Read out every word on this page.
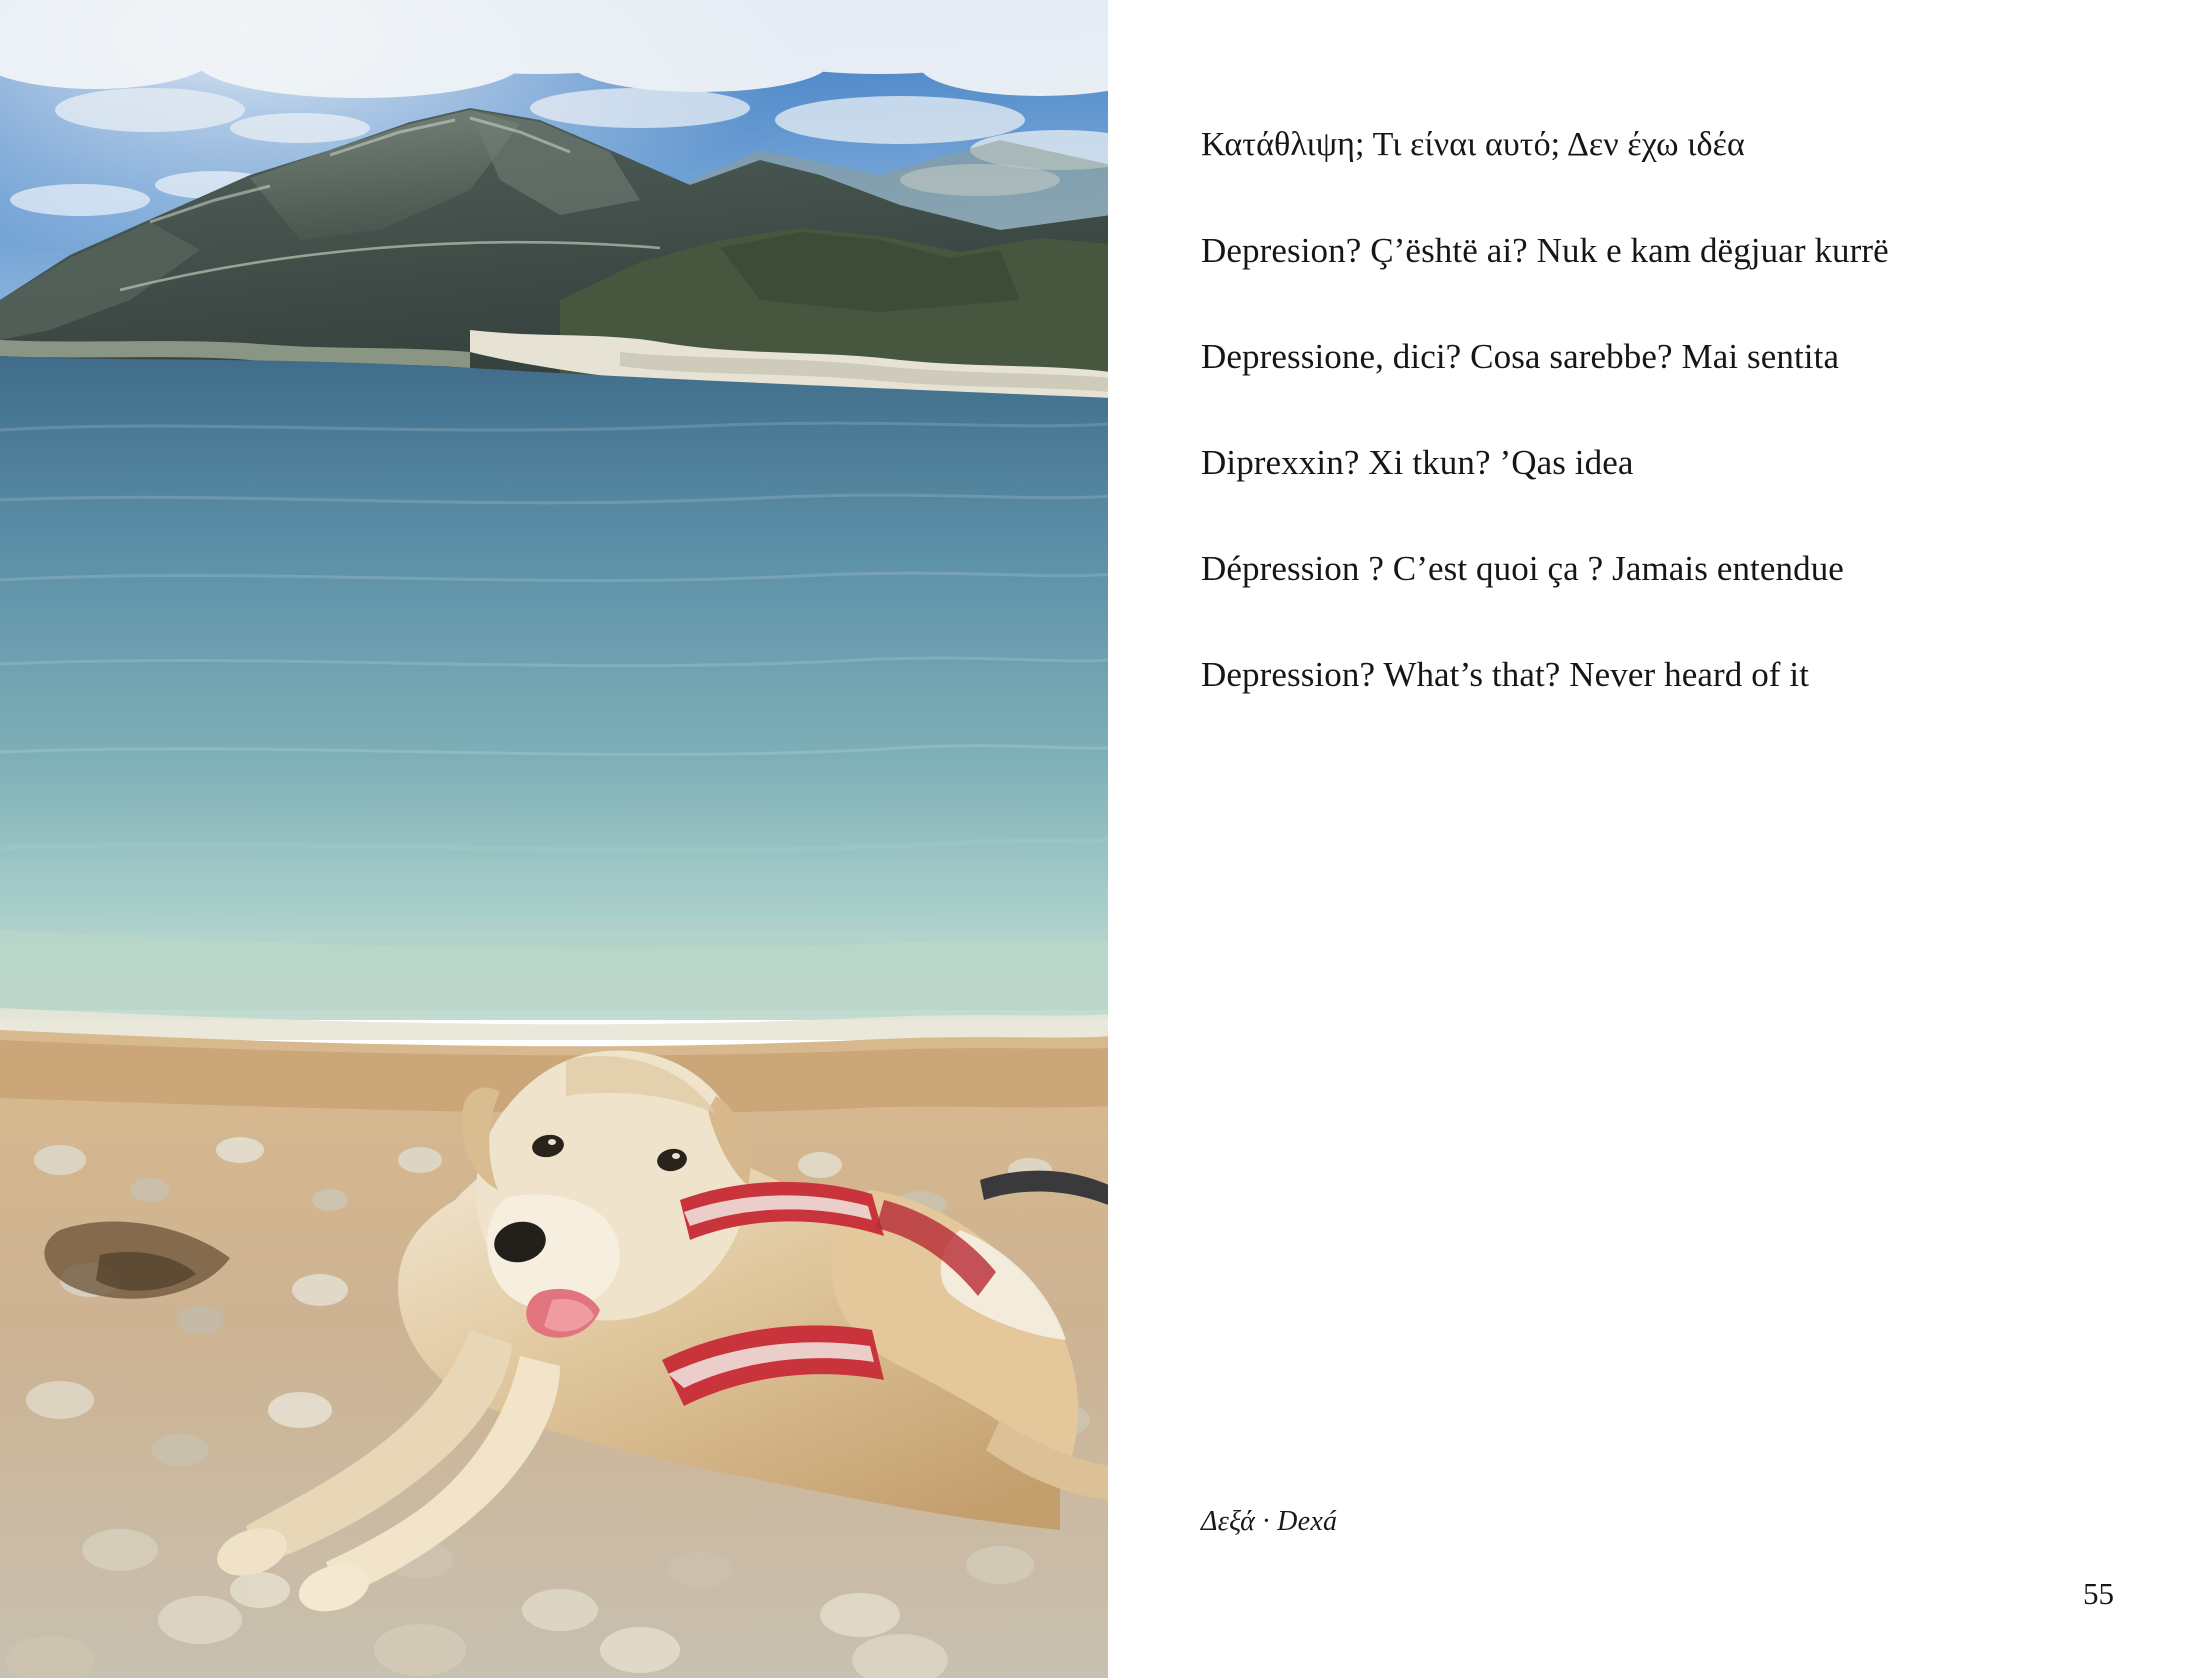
Κατάθλιψη; Τι είναι αυτό; Δεν έχω ιδέα

Depresion? Ç’është ai? Nuk e kam dëgjuar kurrë

Depressione, dici? Cosa sarebbe? Mai sentita

Diprexxin? Xi tkun? ’Qas idea

Dépression ? C’est quoi ça ? Jamais entendue

Depression? What’s that? Never heard of it

Δεξά · Dexá
55
